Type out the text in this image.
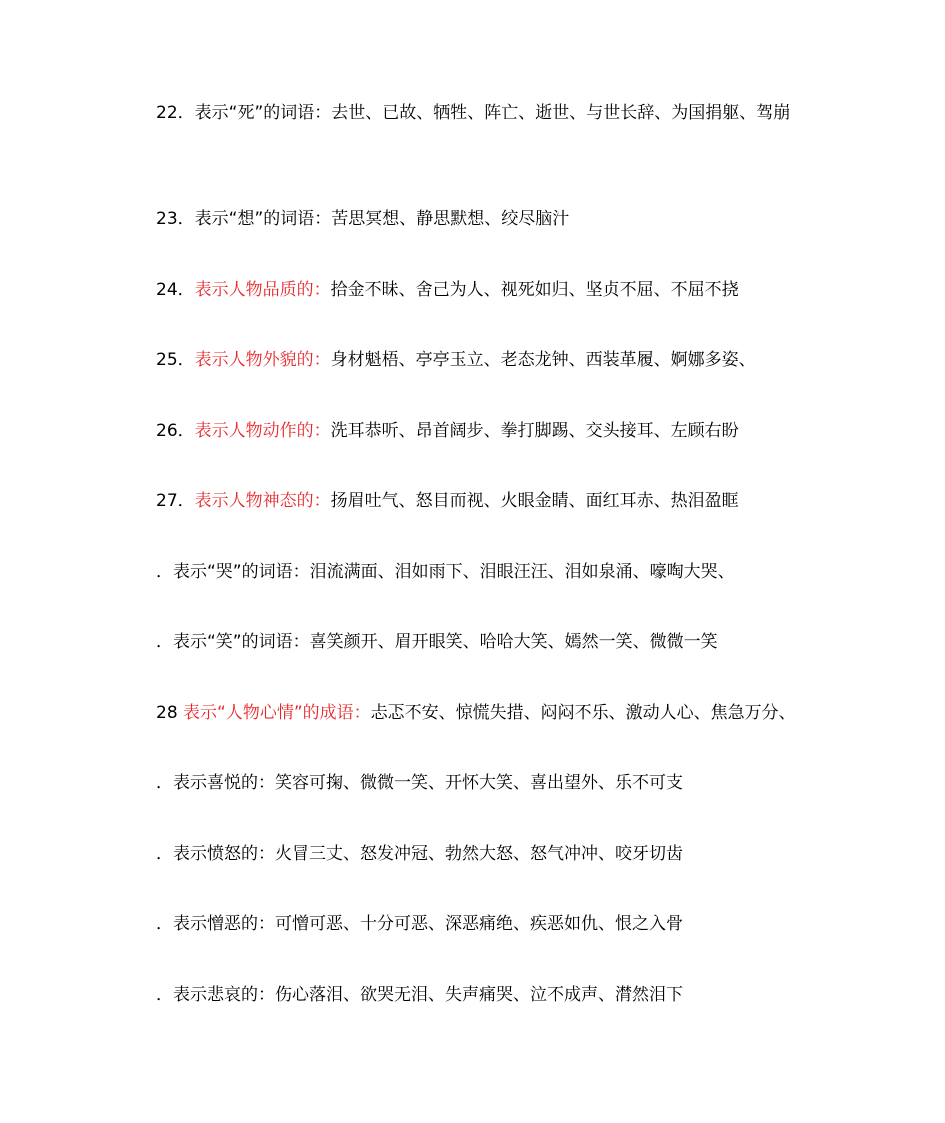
22．表示“死”的词语：去世、已故、牺牲、阵亡、逝世、与世长辞、为国捐躯、驾崩
23．表示“想”的词语：苦思冥想、静思默想、绞尽脑汁
24．表示人物品质的：拾金不昧、舍己为人、视死如归、坚贞不屈、不屈不挠
25．表示人物外貌的：身材魁梧、亭亭玉立、老态龙钟、西装革履、婀娜多姿、
26．表示人物动作的：洗耳恭听、昂首阔步、拳打脚踢、交头接耳、左顾右盼
27．表示人物神态的：扬眉吐气、怒目而视、火眼金睛、面红耳赤、热泪盈眶
．表示“哭”的词语：泪流满面、泪如雨下、泪眼汪汪、泪如泉涌、嚎啕大哭、
．表示“笑”的词语：喜笑颜开、眉开眼笑、哈哈大笑、嫣然一笑、微微一笑
28 表示“人物心情”的成语：忐忑不安、惊慌失措、闷闷不乐、激动人心、焦急万分、
．表示喜悦的：笑容可掬、微微一笑、开怀大笑、喜出望外、乐不可支
．表示愤怒的：火冒三丈、怒发冲冠、勃然大怒、怒气冲冲、咬牙切齿
．表示憎恶的：可憎可恶、十分可恶、深恶痛绝、疾恶如仇、恨之入骨
．表示悲哀的：伤心落泪、欲哭无泪、失声痛哭、泣不成声、潸然泪下
